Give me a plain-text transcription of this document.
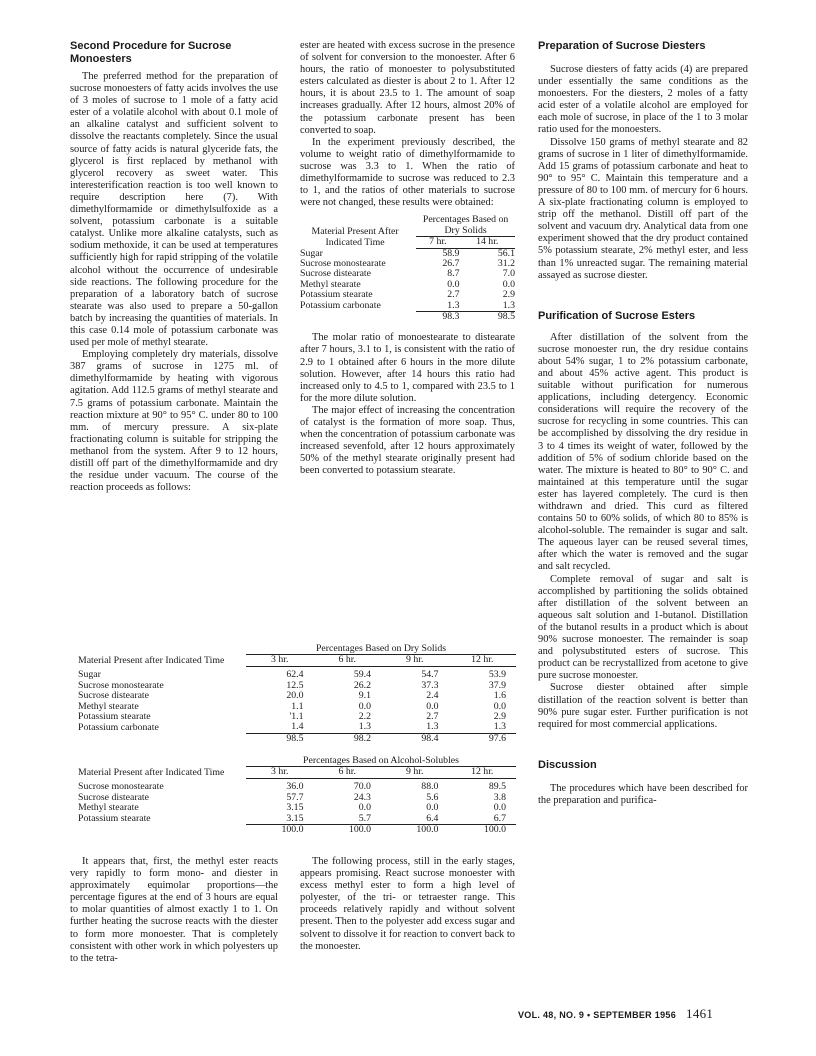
Second Procedure for Sucrose Monoesters

The preferred method for the preparation of sucrose monoesters of fatty acids involves the use of 3 moles of sucrose to 1 mole of a fatty acid ester of a volatile alcohol with about 0.1 mole of an alkaline catalyst and sufficient solvent to dissolve the reactants completely. Since the usual source of fatty acids is natural glyceride fats, the glycerol is first replaced by methanol with glycerol recovery as sweet water. This interesterification reaction is too well known to require description here (7). With dimethylformamide or dimethylsulfoxide as a solvent, potassium carbonate is a suitable catalyst. Unlike more alkaline catalysts, such as sodium methoxide, it can be used at temperatures sufficiently high for rapid stripping of the volatile alcohol without the occurrence of undesirable side reactions. The following procedure for the preparation of a laboratory batch of sucrose stearate was also used to prepare a 50-gallon batch by increasing the quantities of materials. In this case 0.14 mole of potassium carbonate was used per mole of methyl stearate.

Employing completely dry materials, dissolve 387 grams of sucrose in 1275 ml. of dimethylformamide by heating with vigorous agitation. Add 112.5 grams of methyl stearate and 7.5 grams of potassium carbonate. Maintain the reaction mixture at 90° to 95° C. under 80 to 100 mm. of mercury pressure. A six-plate fractionating column is suitable for stripping the methanol from the system. After 9 to 12 hours, distill off part of the dimethylformamide and dry the residue under vacuum. The course of the reaction proceeds as follows:

ester are heated with excess sucrose in the presence of solvent for conversion to the monoester. After 6 hours, the ratio of monoester to polysubstituted esters calculated as diester is about 2 to 1. After 12 hours, it is about 23.5 to 1. The amount of soap increases gradually. After 12 hours, almost 20% of the potassium carbonate present has been converted to soap.

In the experiment previously described, the volume to weight ratio of dimethylformamide to sucrose was 3.3 to 1. When the ratio of dimethylformamide to sucrose was reduced to 2.3 to 1, and the ratios of other materials to sucrose were not changed, these results were obtained:

Material Present After Indicated Time	Percentages Based on Dry Solids	
	7 hr.	14 hr.
Sugar	58.9	56.1
Sucrose monostearate	26.7	31.2
Sucrose distearate	8.7	7.0
Methyl stearate	0.0	0.0
Potassium stearate	2.7	2.9
Potassium carbonate	1.3	1.3
	98.3	98.5

The molar ratio of monoestearate to distearate after 7 hours, 3.1 to 1, is consistent with the ratio of 2.9 to 1 obtained after 6 hours in the more dilute solution. However, after 14 hours this ratio had increased only to 4.5 to 1, compared with 23.5 to 1 for the more dilute solution.

The major effect of increasing the concentration of catalyst is the formation of more soap. Thus, when the concentration of potassium carbonate was increased sevenfold, after 12 hours approximately 50% of the methyl stearate originally present had been converted to potassium stearate.

Preparation of Sucrose Diesters

Sucrose diesters of fatty acids (4) are prepared under essentially the same conditions as the monoesters. For the diesters, 2 moles of a fatty acid ester of a volatile alcohol are employed for each mole of sucrose, in place of the 1 to 3 molar ratio used for the monoesters.

Dissolve 150 grams of methyl stearate and 82 grams of sucrose in 1 liter of dimethylformamide. Add 15 grams of potassium carbonate and heat to 90° to 95° C. Maintain this temperature and a pressure of 80 to 100 mm. of mercury for 6 hours. A six-plate fractionating column is employed to strip off the methanol. Distill off part of the solvent and vacuum dry. Analytical data from one experiment showed that the dry product contained 5% potassium stearate, 2% methyl ester, and less than 1% unreacted sugar. The remaining material assayed as sucrose diester.

Purification of Sucrose Esters

After distillation of the solvent from the sucrose monoester run, the dry residue contains about 54% sugar, 1 to 2% potassium carbonate, and about 45% active agent. This product is suitable without purification for numerous applications, including detergency. Economic considerations will require the recovery of the sucrose for recycling in some countries. This can be accomplished by dissolving the dry residue in 3 to 4 times its weight of water, followed by the addition of 5% of sodium chloride based on the water. The mixture is heated to 80° to 90° C. and maintained at this temperature until the sugar ester has layered completely. The curd is then withdrawn and dried. This curd as filtered contains 50 to 60% solids, of which 80 to 85% is alcohol-soluble. The remainder is sugar and salt. The aqueous layer can be reused several times, after which the water is removed and the sugar and salt recycled.

Complete removal of sugar and salt is accomplished by partitioning the solids obtained after distillation of the solvent between an aqueous salt solution and 1-butanol. Distillation of the butanol results in a product which is about 90% sucrose monoester. The remainder is soap and polysubstituted esters of sucrose. This product can be recrystallized from acetone to give pure sucrose monoester.

Sucrose diester obtained after simple distillation of the reaction solvent is better than 90% pure sugar ester. Further purification is not required for most commercial applications.

Discussion

The procedures which have been described for the preparation and purifica-

Material Present after Indicated Time	Percentages Based on Dry Solids			
	3 hr.	6 hr.	9 hr.	12 hr.

Sugar	62.4	59.4	54.7	53.9
Sucrose monostearate	12.5	26.2	37.3	37.9
Sucrose distearate	20.0	9.1	2.4	1.6
Methyl stearate	1.1	0.0	0.0	0.0
Potassium stearate	'1.1	2.2	2.7	2.9
Potassium carbonate	1.4	1.3	1.3	1.3
	98.5	98.2	98.4	97.6
Material Present after Indicated Time	Percentages Based on Alcohol-Solubles			
	3 hr.	6 hr.	9 hr.	12 hr.

Sucrose monostearate	36.0	70.0	88.0	89.5
Sucrose distearate	57.7	24.3	5.6	3.8
Methyl stearate	3.15	0.0	0.0	0.0
Potassium stearate	3.15	5.7	6.4	6.7
	100.0	100.0	100.0	100.0

It appears that, first, the methyl ester reacts very rapidly to form mono- and diester in approximately equimolar proportions—the percentage figures at the end of 3 hours are equal to molar quantities of almost exactly 1 to 1. On further heating the sucrose reacts with the diester to form more monoester. That is completely consistent with other work in which polyesters up to the tetra-

The following process, still in the early stages, appears promising. React sucrose monoester with excess methyl ester to form a high level of polyester, of the tri- or tetraester range. This proceeds relatively rapidly and without solvent present. Then to the polyester add excess sugar and solvent to dissolve it for reaction to convert back to the monoester.

VOL. 48, NO. 9 • SEPTEMBER 1956 1461
